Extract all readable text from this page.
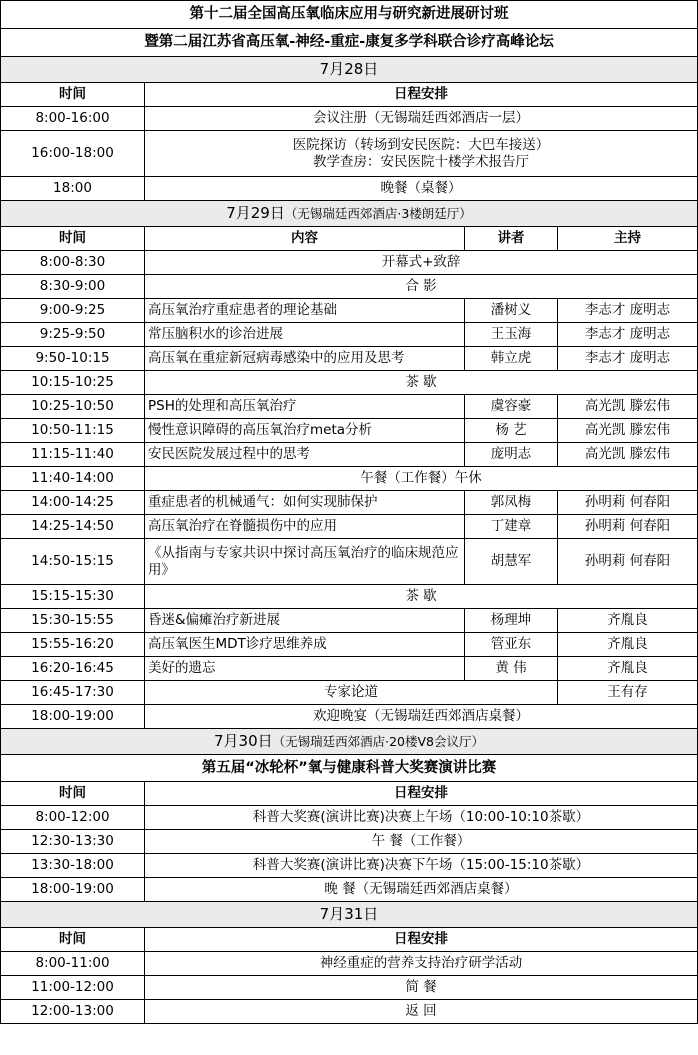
第十二届全国高压氧临床应用与研究新进展研讨班			
暨第二届江苏省高压氧-神经-重症-康复多学科联合诊疗高峰论坛			
7月28日			
时间	日程安排		
8:00-16:00	会议注册（无锡瑞廷西郊酒店一层）		

16:00-18:00	医院探访（转场到安民医院：大巴车接送）
教学查房：安民医院十楼学术报告厅		

18:00	晚餐（桌餐）		

7月29日（无锡瑞廷西郊酒店·3楼朗廷厅）			
时间	内容	讲者	主持
8:00-8:30	开幕式+致辞		
8:30-9:00	合 影		
9:00-9:25	高压氧治疗重症患者的理论基础	潘树义	李志才 庞明志
9:25-9:50	常压脑积水的诊治进展	王玉海	李志才 庞明志
9:50-10:15	高压氧在重症新冠病毒感染中的应用及思考	韩立虎	李志才 庞明志
10:15-10:25	茶 歇		
10:25-10:50	PSH的处理和高压氧治疗	虞容豪	高光凯 滕宏伟
10:50-11:15	慢性意识障碍的高压氧治疗meta分析	杨 艺	高光凯 滕宏伟
11:15-11:40	安民医院发展过程中的思考	庞明志	高光凯 滕宏伟
11:40-14:00	午餐（工作餐）午休		
14:00-14:25	重症患者的机械通气：如何实现肺保护	郭凤梅	孙明莉 何春阳
14:25-14:50	高压氧治疗在脊髓损伤中的应用	丁建章	孙明莉 何春阳
14:50-15:15	《从指南与专家共识中探讨高压氧治疗的临床规范应用》	胡慧军	孙明莉 何春阳
15:15-15:30	茶 歇		
15:30-15:55	昏迷&偏瘫治疗新进展	杨理坤	齐胤良
15:55-16:20	高压氧医生MDT诊疗思维养成	管亚东	齐胤良
16:20-16:45	美好的遗忘	黄 伟	齐胤良
16:45-17:30	专家论道		王有存
18:00-19:00	欢迎晚宴（无锡瑞廷西郊酒店桌餐）		
7月30日（无锡瑞廷西郊酒店·20楼V8会议厅）			
第五届“冰轮杯”氧与健康科普大奖赛演讲比赛			
时间	日程安排		
8:00-12:00	科普大奖赛(演讲比赛)决赛上午场（10:00-10:10茶歇）		

12:30-13:30	午 餐（工作餐）		

13:30-18:00	科普大奖赛(演讲比赛)决赛下午场（15:00-15:10茶歇）		

18:00-19:00	晚 餐（无锡瑞廷西郊酒店桌餐）		

7月31日			
时间	日程安排		
8:00-11:00	神经重症的营养支持治疗研学活动		

11:00-12:00	简 餐		

12:00-13:00	返 回		
